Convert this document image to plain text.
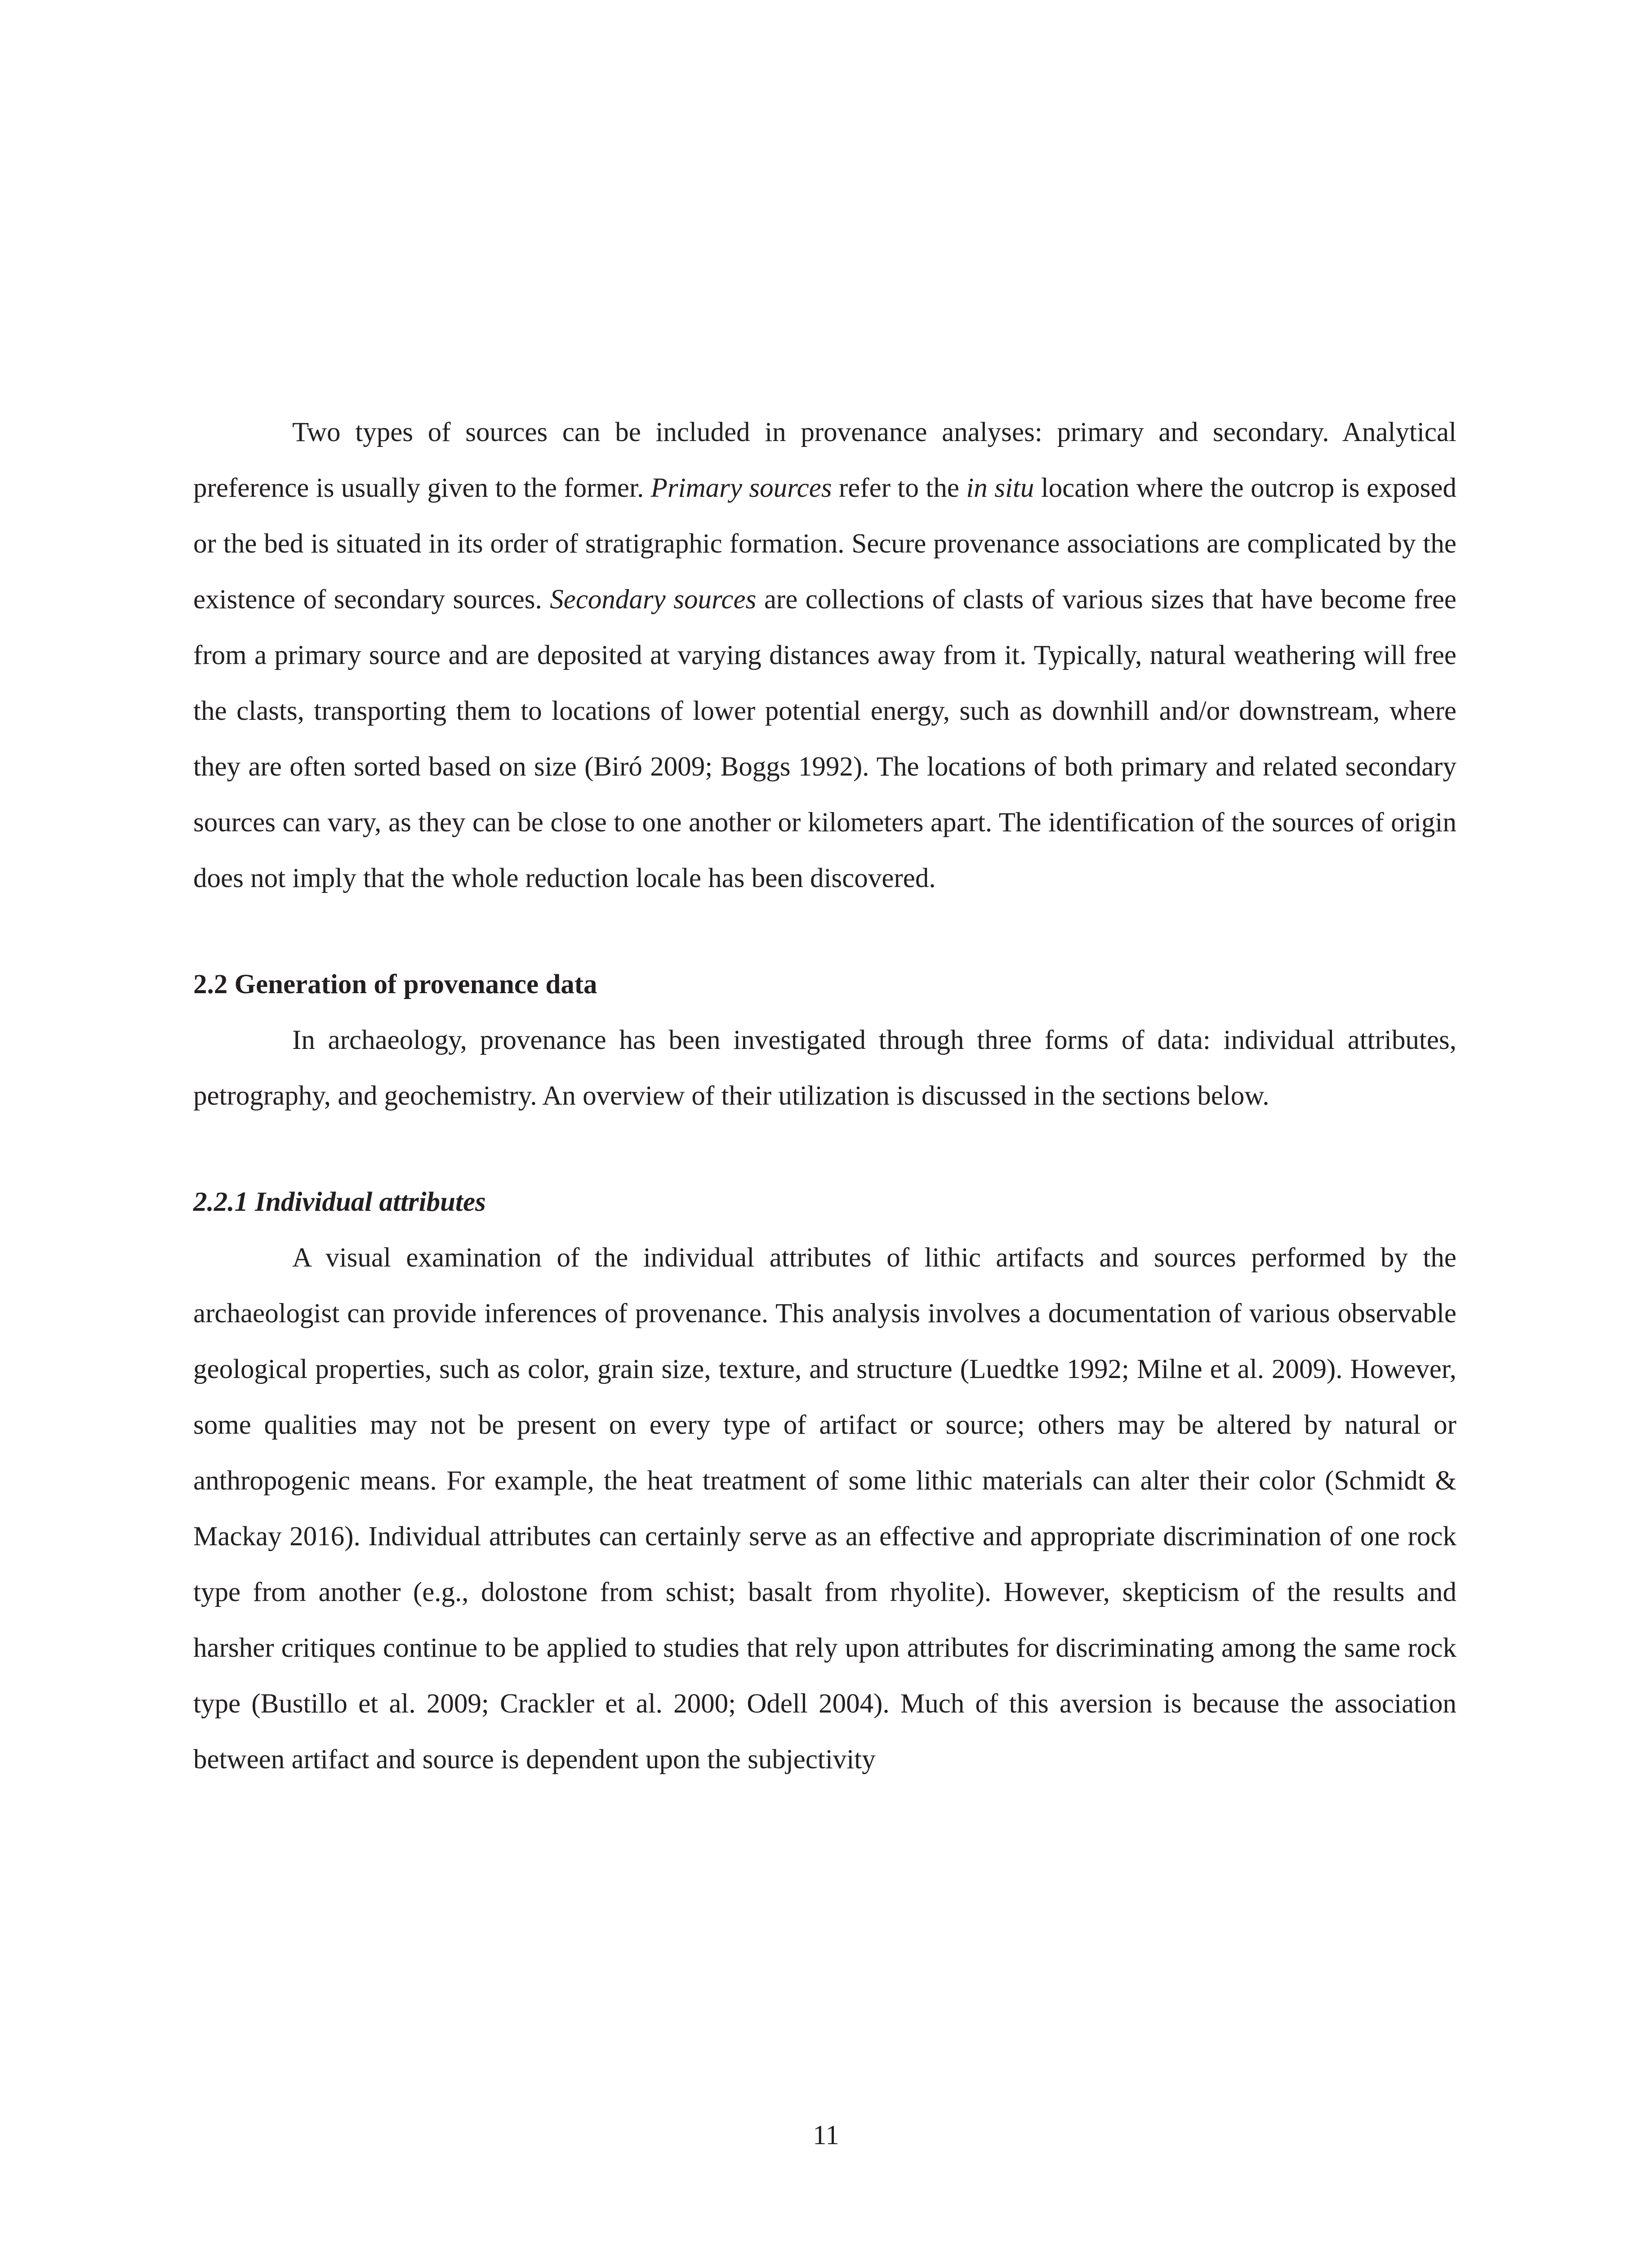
Two types of sources can be included in provenance analyses: primary and secondary. Analytical preference is usually given to the former. Primary sources refer to the in situ location where the outcrop is exposed or the bed is situated in its order of stratigraphic formation. Secure provenance associations are complicated by the existence of secondary sources. Secondary sources are collections of clasts of various sizes that have become free from a primary source and are deposited at varying distances away from it. Typically, natural weathering will free the clasts, transporting them to locations of lower potential energy, such as downhill and/or downstream, where they are often sorted based on size (Biró 2009; Boggs 1992). The locations of both primary and related secondary sources can vary, as they can be close to one another or kilometers apart. The identification of the sources of origin does not imply that the whole reduction locale has been discovered.

2.2 Generation of provenance data

In archaeology, provenance has been investigated through three forms of data: individual attributes, petrography, and geochemistry. An overview of their utilization is discussed in the sections below.

2.2.1 Individual attributes

A visual examination of the individual attributes of lithic artifacts and sources performed by the archaeologist can provide inferences of provenance. This analysis involves a documentation of various observable geological properties, such as color, grain size, texture, and structure (Luedtke 1992; Milne et al. 2009). However, some qualities may not be present on every type of artifact or source; others may be altered by natural or anthropogenic means. For example, the heat treatment of some lithic materials can alter their color (Schmidt & Mackay 2016). Individual attributes can certainly serve as an effective and appropriate discrimination of one rock type from another (e.g., dolostone from schist; basalt from rhyolite). However, skepticism of the results and harsher critiques continue to be applied to studies that rely upon attributes for discriminating among the same rock type (Bustillo et al. 2009; Crackler et al. 2000; Odell 2004). Much of this aversion is because the association between artifact and source is dependent upon the subjectivity

11
